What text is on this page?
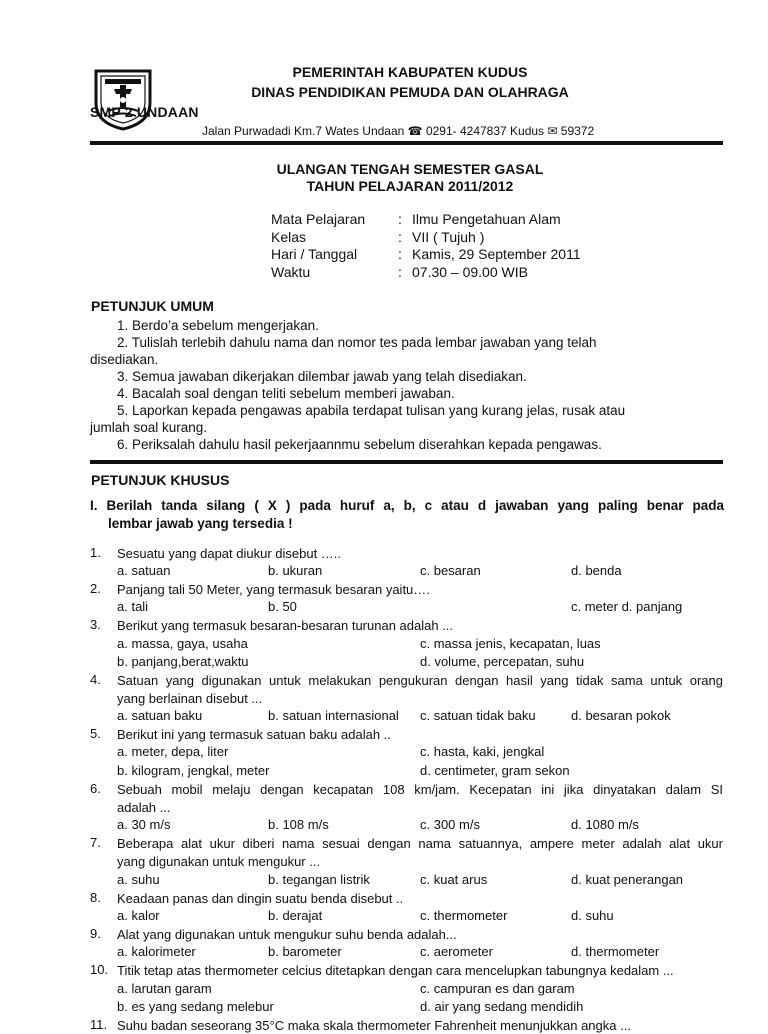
PEMERINTAH KABUPATEN KUDUS
DINAS PENDIDIKAN PEMUDA DAN OLAHRAGA
SMP 2 UNDAAN
Jalan Purwadadi Km.7 Wates Undaan ☎ 0291- 4247837 Kudus ✉ 59372
ULANGAN TENGAH SEMESTER GASAL
TAHUN PELAJARAN 2011/2012
Mata Pelajaran : Ilmu Pengetahuan Alam
Kelas	: VII ( Tujuh )
Hari / Tanggal	: Kamis, 29 September 2011
Waktu	: 07.30 – 09.00 WIB
PETUNJUK UMUM
1. Berdo’a sebelum mengerjakan.
2. Tulislah terlebih dahulu nama dan nomor tes pada lembar jawaban yang telah
disediakan.
3. Semua jawaban dikerjakan dilembar jawab yang telah disediakan.
4. Bacalah soal dengan teliti sebelum memberi jawaban.
5. Laporkan kepada pengawas apabila terdapat tulisan yang kurang jelas, rusak atau
jumlah soal kurang.
6. Periksalah dahulu hasil pekerjaannmu sebelum diserahkan kepada pengawas.
PETUNJUK KHUSUS
I. Berilah tanda silang ( X ) pada huruf a, b, c atau d jawaban yang paling benar pada
lembar jawab yang tersedia !
1. Sesuatu yang dapat diukur disebut …..
a. satuan	b. ukuran	c. besaran	d. benda
2. Panjang tali 50 Meter, yang termasuk besaran yaitu….
a. tali	b. 50	c. meter d. panjang
3. Berikut yang termasuk besaran-besaran turunan adalah ...
a. massa, gaya, usaha	c. massa jenis, kecapatan, luas
b. panjang,berat,waktu	d. volume, percepatan, suhu
4. Satuan yang digunakan untuk melakukan pengukuran dengan hasil yang tidak sama untuk orang
yang berlainan disebut ...
a. satuan baku	b. satuan internasional c. satuan tidak baku	d. besaran pokok
5. Berikut ini yang termasuk satuan baku adalah ..
a. meter, depa, liter	c. hasta, kaki, jengkal
b. kilogram, jengkal, meter	d. centimeter, gram sekon
6. Sebuah mobil melaju dengan kecapatan 108 km/jam. Kecepatan ini jika dinyatakan dalam SI
adalah ...
a. 30 m/s	b. 108 m/s	c. 300 m/s	d. 1080 m/s
7. Beberapa alat ukur diberi nama sesuai dengan nama satuannya, ampere meter adalah alat ukur
yang digunakan untuk mengukur ...
a. suhu	b. tegangan listrik	c. kuat arus	d. kuat penerangan
8. Keadaan panas dan dingin suatu benda disebut ..
a. kalor	b. derajat	c. thermometer	d. suhu
9. Alat yang digunakan untuk mengukur suhu benda adalah...
a. kalorimeter	b. barometer	c. aerometer	d. thermometer
10. Titik tetap atas thermometer celcius ditetapkan dengan cara mencelupkan tabungnya kedalam ...
a. larutan garam	c. campuran es dan garam
b. es yang sedang melebur	d. air yang sedang mendidih
11. Suhu badan seseorang 35°C maka skala thermometer Fahrenheit menunjukkan angka ...
